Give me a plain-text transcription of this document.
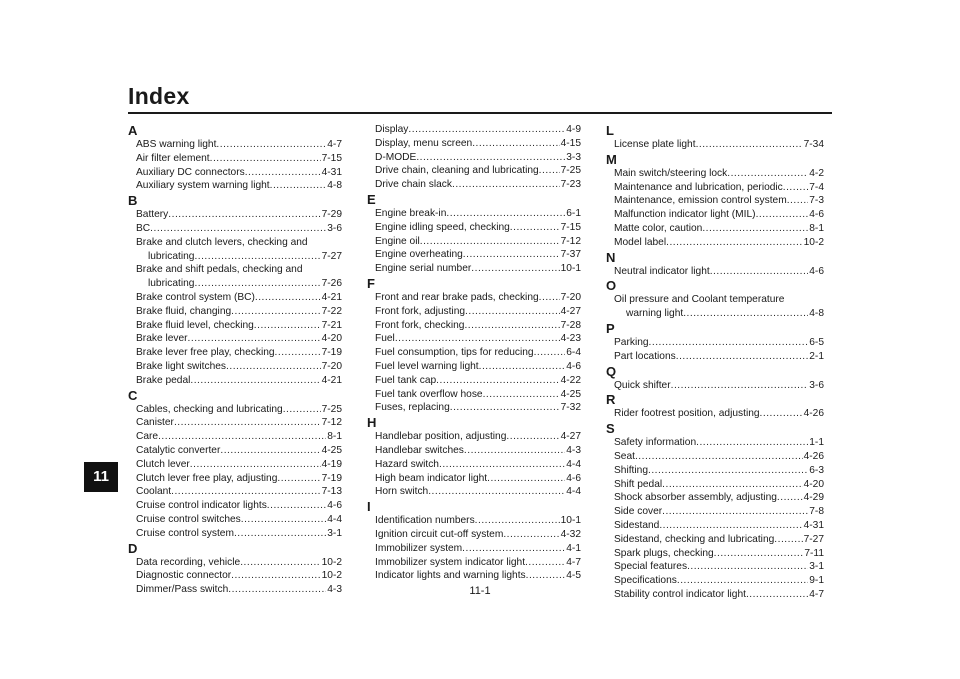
Index
11
A
ABS warning light .....	4-7
Air filter element .....	7-15
Auxiliary DC connectors .....	4-31
Auxiliary system warning light .....	4-8
B
Battery .....	7-29
BC .....	3-6
Brake and clutch levers, checking and
lubricating .....	7-27
Brake and shift pedals, checking and
lubricating .....	7-26
Brake control system (BC) .....	4-21
Brake fluid, changing .....	7-22
Brake fluid level, checking .....	7-21
Brake lever .....	4-20
Brake lever free play, checking .....	7-19
Brake light switches .....	7-20
Brake pedal .....	4-21
C
Cables, checking and lubricating .....	7-25
Canister .....	7-12
Care .....	8-1
Catalytic converter .....	4-25
Clutch lever .....	4-19
Clutch lever free play, adjusting .....	7-19
Coolant .....	7-13
Cruise control indicator lights .....	4-6
Cruise control switches .....	4-4
Cruise control system .....	3-1
D
Data recording, vehicle .....	10-2
Diagnostic connector .....	10-2
Dimmer/Pass switch .....	4-3
Display .....	4-9
Display, menu screen .....	4-15
D-MODE .....	3-3
Drive chain, cleaning and lubricating ..... 7-25
Drive chain slack .....	7-23
E
Engine break-in .....	6-1
Engine idling speed, checking .....	7-15
Engine oil .....	7-12
Engine overheating .....	7-37
Engine serial number .....	10-1
F
Front and rear brake pads, checking ..... 7-20
Front fork, adjusting .....	4-27
Front fork, checking .....	7-28
Fuel .....	4-23
Fuel consumption, tips for reducing .....	6-4
Fuel level warning light .....	4-6
Fuel tank cap .....	4-22
Fuel tank overflow hose .....	4-25
Fuses, replacing .....	7-32
H
Handlebar position, adjusting .....	4-27
Handlebar switches .....	4-3
Hazard switch .....	4-4
High beam indicator light .....	4-6
Horn switch .....	4-4
I
Identification numbers .....	10-1
Ignition circuit cut-off system .....	4-32
Immobilizer system .....	4-1
Immobilizer system indicator light .....	4-7
Indicator lights and warning lights .....	4-5
L
License plate light .....	7-34
M
Main switch/steering lock .....	4-2
Maintenance and lubrication, periodic .....	7-4
Maintenance, emission control system ..... 7-3
Malfunction indicator light (MIL) .....	4-6
Matte color, caution .....	8-1
Model label .....	10-2
N
Neutral indicator light .....	4-6
O
Oil pressure and Coolant temperature
warning light .....	4-8
P
Parking .....	6-5
Part locations .....	2-1
Q
Quick shifter .....	3-6
R
Rider footrest position, adjusting .....	4-26
S
Safety information .....	1-1
Seat .....	4-26
Shifting .....	6-3
Shift pedal .....	4-20
Shock absorber assembly, adjusting .....	4-29
Side cover .....	7-8
Sidestand .....	4-31
Sidestand, checking and lubricating .....	7-27
Spark plugs, checking .....	7-11
Special features .....	3-1
Specifications .....	9-1
Stability control indicator light .....	4-7
11-1
